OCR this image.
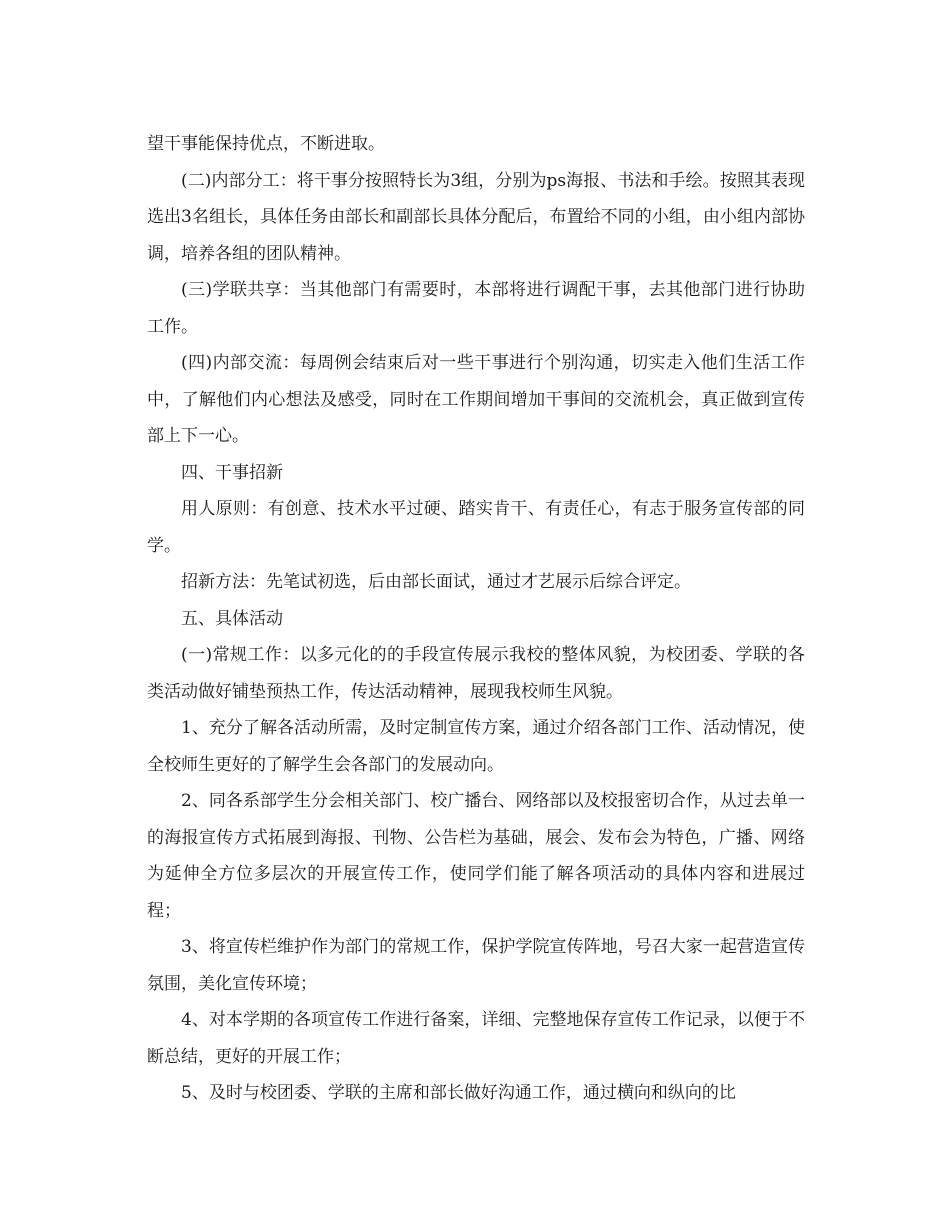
望干事能保持优点，不断进取。

(二)内部分工：将干事分按照特长为3组，分别为ps海报、书法和手绘。按照其表现选出3名组长，具体任务由部长和副部长具体分配后，布置给不同的小组，由小组内部协调，培养各组的团队精神。

(三)学联共享：当其他部门有需要时，本部将进行调配干事，去其他部门进行协助工作。

(四)内部交流：每周例会结束后对一些干事进行个别沟通，切实走入他们生活工作中，了解他们内心想法及感受，同时在工作期间增加干事间的交流机会，真正做到宣传部上下一心。

四、干事招新

用人原则：有创意、技术水平过硬、踏实肯干、有责任心，有志于服务宣传部的同学。

招新方法：先笔试初选，后由部长面试，通过才艺展示后综合评定。

五、具体活动

(一)常规工作：以多元化的的手段宣传展示我校的整体风貌，为校团委、学联的各类活动做好铺垫预热工作，传达活动精神，展现我校师生风貌。

1、充分了解各活动所需，及时定制宣传方案，通过介绍各部门工作、活动情况，使全校师生更好的了解学生会各部门的发展动向。

2、同各系部学生分会相关部门、校广播台、网络部以及校报密切合作，从过去单一的海报宣传方式拓展到海报、刊物、公告栏为基础，展会、发布会为特色，广播、网络为延伸全方位多层次的开展宣传工作，使同学们能了解各项活动的具体内容和进展过程；

3、将宣传栏维护作为部门的常规工作，保护学院宣传阵地，号召大家一起营造宣传氛围，美化宣传环境；

4、对本学期的各项宣传工作进行备案，详细、完整地保存宣传工作记录，以便于不断总结，更好的开展工作；

5、及时与校团委、学联的主席和部长做好沟通工作，通过横向和纵向的比
